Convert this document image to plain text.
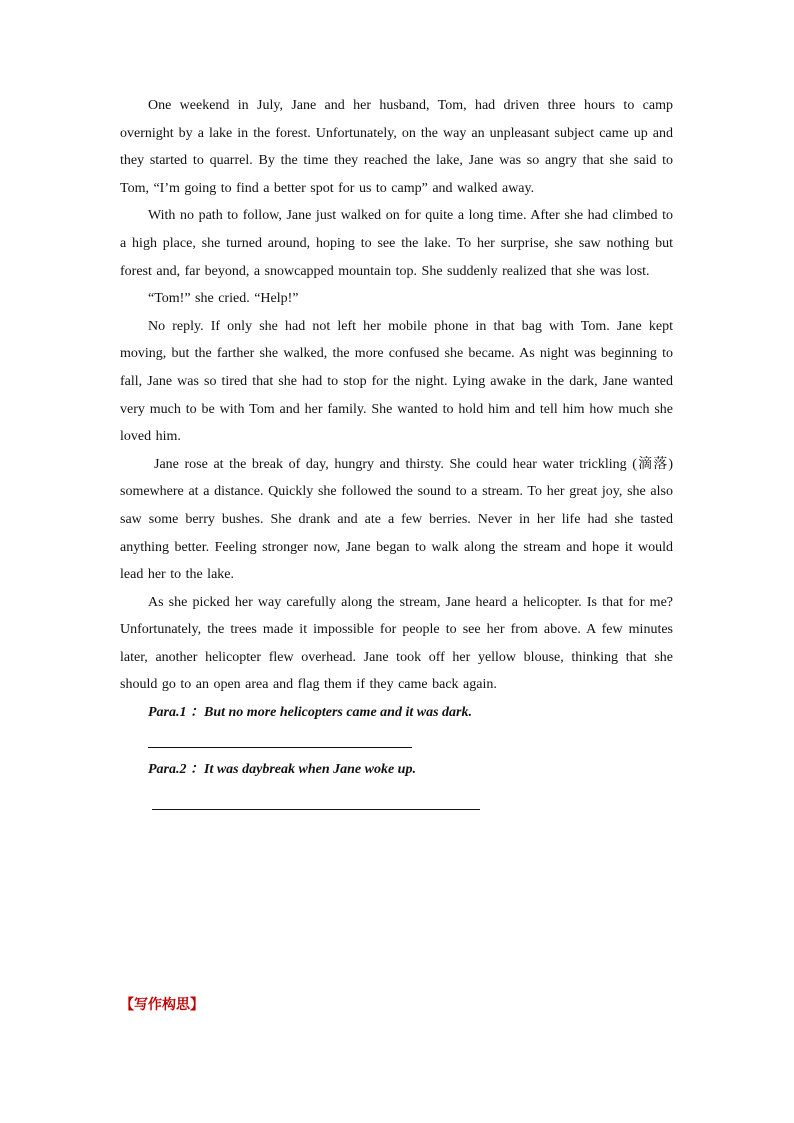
One weekend in July, Jane and her husband, Tom, had driven three hours to camp overnight by a lake in the forest. Unfortunately, on the way an unpleasant subject came up and they started to quarrel. By the time they reached the lake, Jane was so angry that she said to Tom, “I’m going to find a better spot for us to camp” and walked away.

With no path to follow, Jane just walked on for quite a long time. After she had climbed to a high place, she turned around, hoping to see the lake. To her surprise, she saw nothing but forest and, far beyond, a snowcapped mountain top. She suddenly realized that she was lost.

“Tom!” she cried. “Help!”

No reply. If only she had not left her mobile phone in that bag with Tom. Jane kept moving, but the farther she walked, the more confused she became. As night was beginning to fall, Jane was so tired that she had to stop for the night. Lying awake in the dark, Jane wanted very much to be with Tom and her family. She wanted to hold him and tell him how much she loved him.

Jane rose at the break of day, hungry and thirsty. She could hear water trickling (滴落) somewhere at a distance. Quickly she followed the sound to a stream. To her great joy, she also saw some berry bushes. She drank and ate a few berries. Never in her life had she tasted anything better. Feeling stronger now, Jane began to walk along the stream and hope it would lead her to the lake.

As she picked her way carefully along the stream, Jane heard a helicopter. Is that for me? Unfortunately, the trees made it impossible for people to see her from above. A few minutes later, another helicopter flew overhead. Jane took off her yellow blouse, thinking that she should go to an open area and flag them if they came back again.

Para.1 ：But no more helicopters came and it was dark.

Para.2 ：It was daybreak when Jane woke up.

【写作构思】
